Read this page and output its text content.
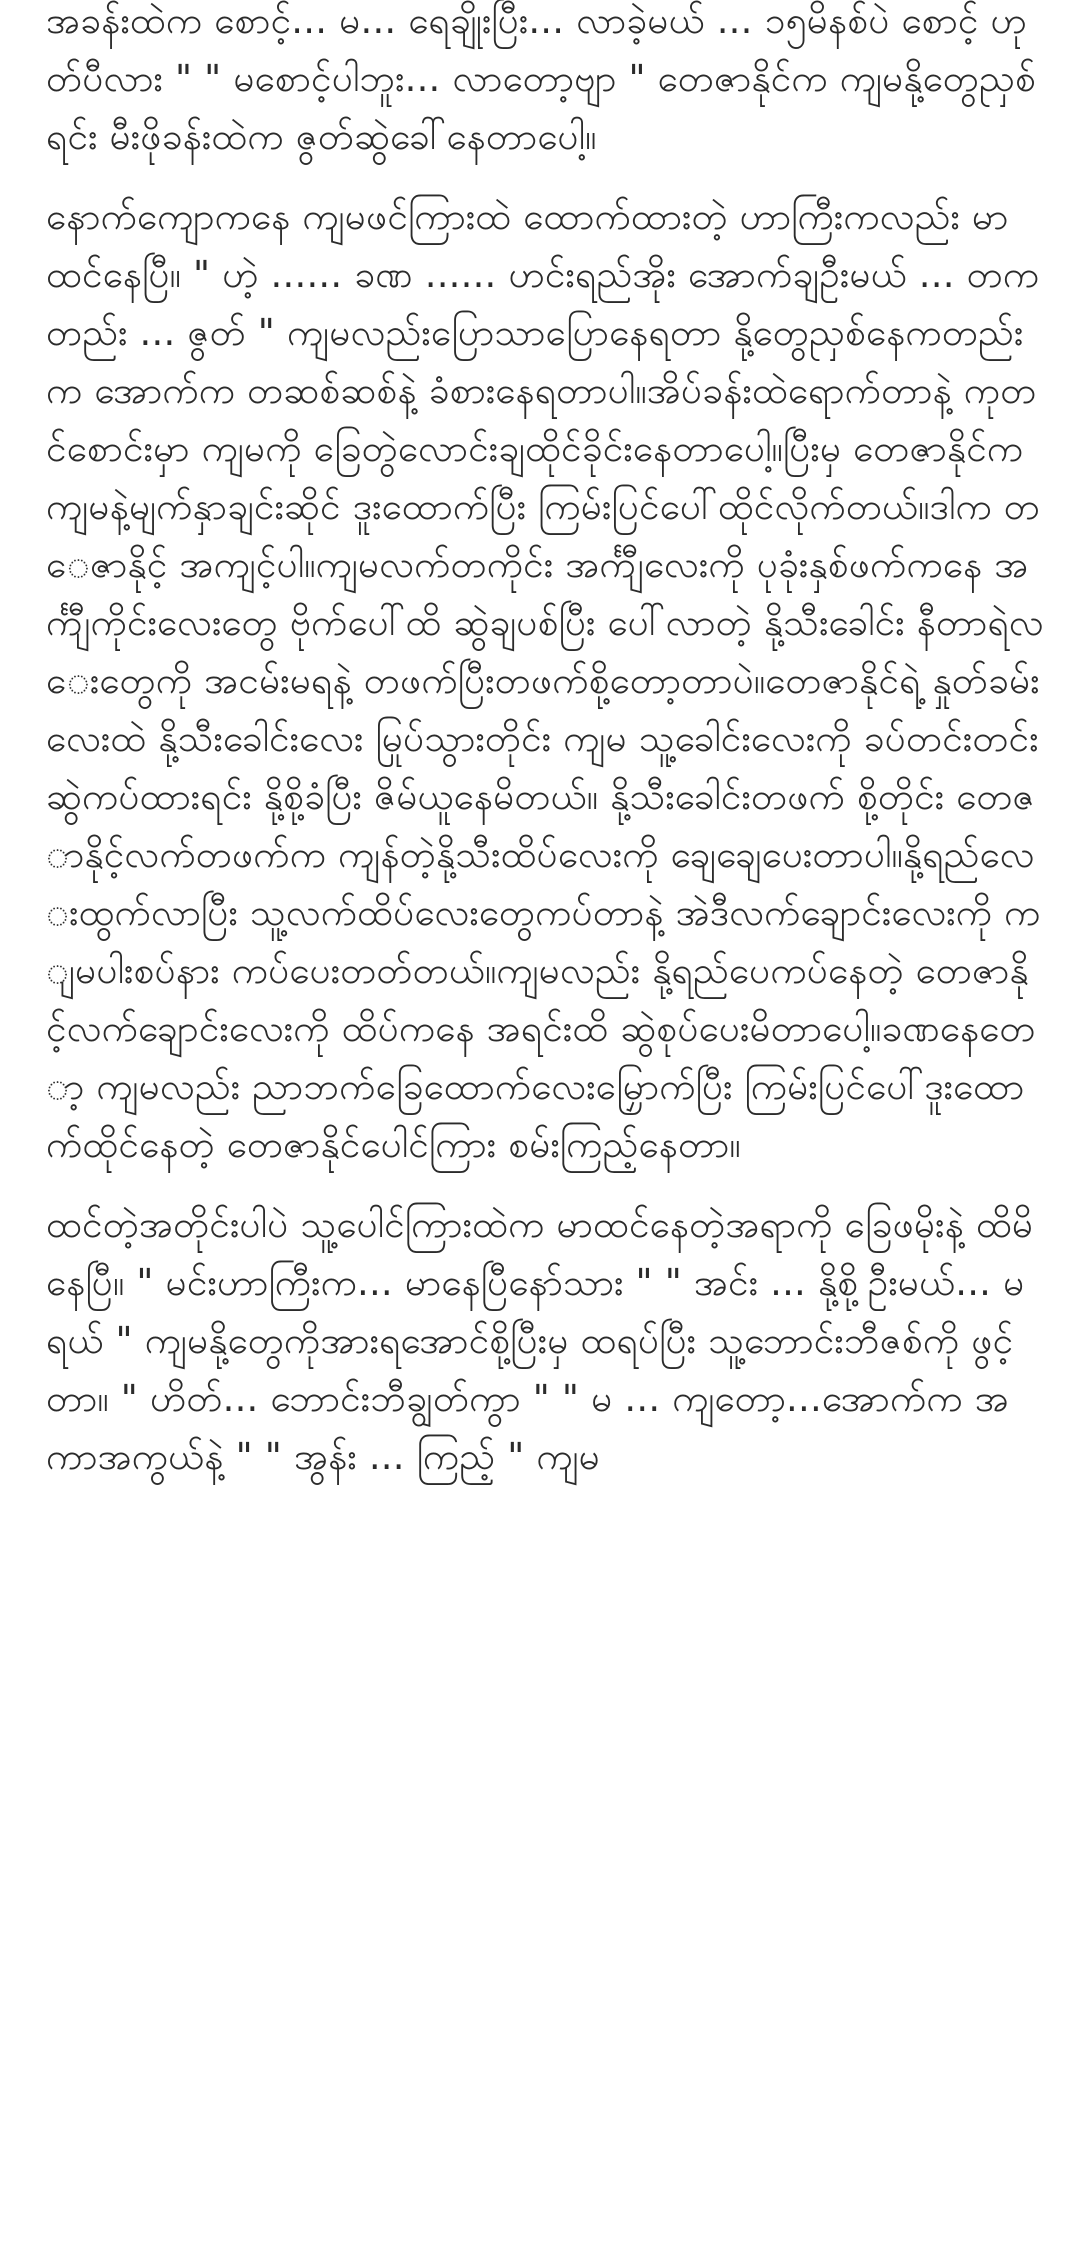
အခန်းထဲက စောင့်... မ... ရေချိုးပြီး... လာခဲ့မယ် ... ၁၅မိနစ်ပဲ စောင့် ဟုတ်ပီလား " " မစောင့်ပါဘူး... လာတော့ဗျာ " တေဇာနိုင်က ကျမနို့တွေညှစ်ရင်း မီးဖိုခန်းထဲက ဇွတ်ဆွဲခေါ်နေတာပေါ့။

နောက်ကျောကနေ ကျမဖင်ကြားထဲ ထောက်ထားတဲ့ ဟာကြီးကလည်း မာထင်နေပြီ။ " ဟဲ့ ...... ခဏ ...... ဟင်းရည်အိုး အောက်ချဦးမယ် ... တကတည်း ... ဇွတ် " ကျမလည်းပြောသာပြောနေရတာ နို့တွေညှစ်နေကတည်းက အောက်က တဆစ်ဆစ်နဲ့ ခံစားနေရတာပါ။အိပ်ခန်းထဲရောက်တာနဲ့ ကုတင်စောင်းမှာ ကျမကို ခြေတွဲလောင်းချထိုင်ခိုင်းနေတာပေါ့။ပြီးမှ တေဇာနိုင်က ကျမနဲ့မျက်နှာချင်းဆိုင် ဒူးထောက်ပြီး ကြမ်းပြင်ပေါ်ထိုင်လိုက်တယ်။ဒါက တေဇာနိုင့် အကျင့်ပါ။ကျမလက်တကိုင်း အင်္ကျီလေးကို ပုခုံးနှစ်ဖက်ကနေ အင်္ကျီကိုင်းလေးတွေ ဗိုက်ပေါ်ထိ ဆွဲချပစ်ပြီး ပေါ်လာတဲ့ နို့သီးခေါင်း နီတာရဲလေးတွေကို အငမ်းမရနဲ့ တဖက်ပြီးတဖက်စို့တော့တာပဲ။တေဇာနိုင်ရဲ့ နှုတ်ခမ်းလေးထဲ နို့သီးခေါင်းလေး မြုပ်သွားတိုင်း ကျမ သူ့ခေါင်းလေးကို ခပ်တင်းတင်း ဆွဲကပ်ထားရင်း နို့စို့ခံပြီး ဇိမ်ယူနေမိတယ်။ နို့သီးခေါင်းတဖက် စို့တိုင်း တေဇာနိုင့်လက်တဖက်က ကျန်တဲ့နို့သီးထိပ်လေးကို ချေချေပေးတာပါ။နို့ရည်လေးထွက်လာပြီး သူ့လက်ထိပ်လေးတွေကပ်တာနဲ့ အဲဒီလက်ချောင်းလေးကို ကျမပါးစပ်နား ကပ်ပေးတတ်တယ်။ကျမလည်း နို့ရည်ပေကပ်နေတဲ့ တေဇာနိုင့်လက်ချောင်းလေးကို ထိပ်ကနေ အရင်းထိ ဆွဲစုပ်ပေးမိတာပေါ့။ခဏနေတော့ ကျမလည်း ညာဘက်ခြေထောက်လေးမြှောက်ပြီး ကြမ်းပြင်ပေါ်ဒူးထောက်ထိုင်နေတဲ့ တေဇာနိုင်ပေါင်ကြား စမ်းကြည့်နေတာ။

ထင်တဲ့အတိုင်းပါပဲ သူ့ပေါင်ကြားထဲက မာထင်နေတဲ့အရာကို ခြေဖမိုးနဲ့ ထိမိနေပြီ။ " မင်းဟာကြီးက... မာနေပြီနော်သား " " အင်း ... နို့စို့ဦးမယ်... မ ရယ် " ကျမနို့တွေကိုအားရအောင်စို့ပြီးမှ ထရပ်ပြီး သူ့ဘောင်းဘီဇစ်ကို ဖွင့်တာ။ " ဟိတ်... ဘောင်းဘီချွတ်ကွာ " " မ ... ကျတော့...အောက်က အကာအကွယ်နဲ့ " " အွန်း ... ကြည့် " ကျမ
